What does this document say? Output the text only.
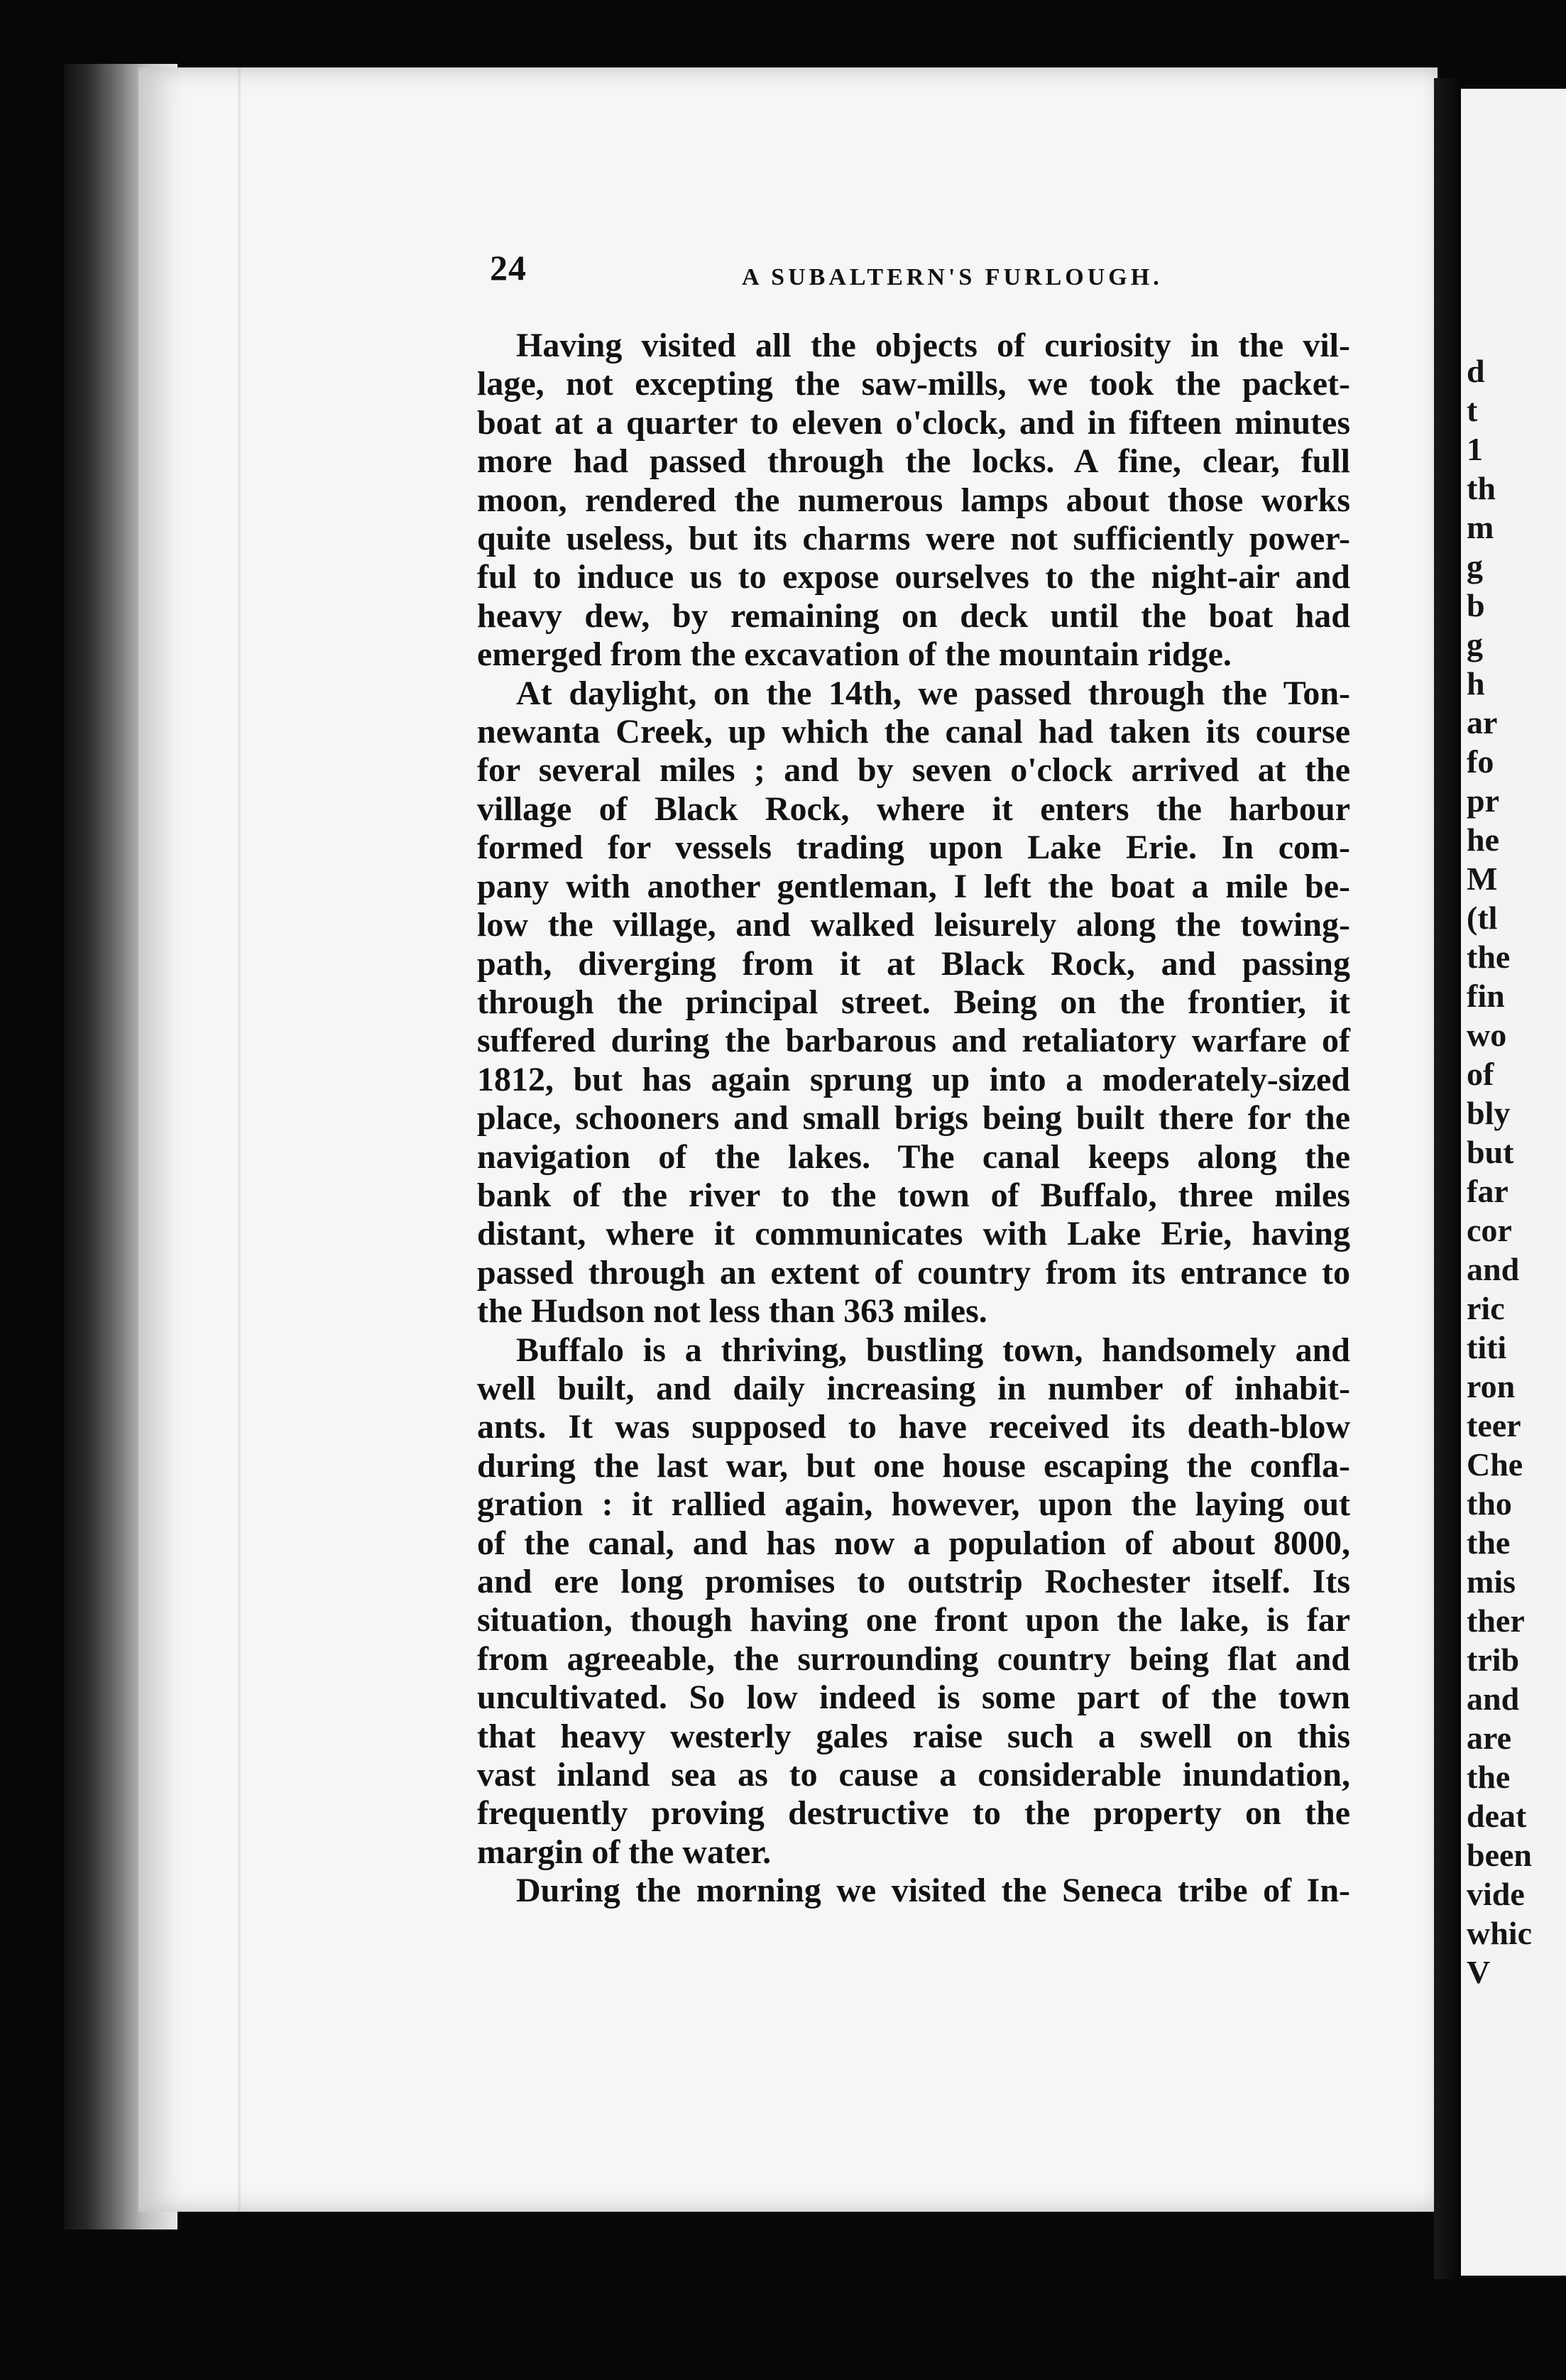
d
t
1
th
m
g
b
g
h
ar
fo
pr
he
M
(tl
the
fin
wo
of
bly
but
far
cor
and
ric
titi
ron
teer
Che
tho
the
mis
ther
trib
and
are
the
deat
been
vide
whic
V
24	A SUBALTERN'S FURLOUGH.
Having visited all the objects of curiosity in the vil-
lage, not excepting the saw-mills, we took the packet-
boat at a quarter to eleven o'clock, and in fifteen minutes
more had passed through the locks. A fine, clear, full
moon, rendered the numerous lamps about those works
quite useless, but its charms were not sufficiently power-
ful to induce us to expose ourselves to the night-air and
heavy dew, by remaining on deck until the boat had
emerged from the excavation of the mountain ridge.
At daylight, on the 14th, we passed through the Ton-
newanta Creek, up which the canal had taken its course
for several miles ; and by seven o'clock arrived at the
village of Black Rock, where it enters the harbour
formed for vessels trading upon Lake Erie. In com-
pany with another gentleman, I left the boat a mile be-
low the village, and walked leisurely along the towing-
path, diverging from it at Black Rock, and passing
through the principal street. Being on the frontier, it
suffered during the barbarous and retaliatory warfare of
1812, but has again sprung up into a moderately-sized
place, schooners and small brigs being built there for the
navigation of the lakes. The canal keeps along the
bank of the river to the town of Buffalo, three miles
distant, where it communicates with Lake Erie, having
passed through an extent of country from its entrance to
the Hudson not less than 363 miles.
Buffalo is a thriving, bustling town, handsomely and
well built, and daily increasing in number of inhabit-
ants. It was supposed to have received its death-blow
during the last war, but one house escaping the confla-
gration : it rallied again, however, upon the laying out
of the canal, and has now a population of about 8000,
and ere long promises to outstrip Rochester itself. Its
situation, though having one front upon the lake, is far
from agreeable, the surrounding country being flat and
uncultivated. So low indeed is some part of the town
that heavy westerly gales raise such a swell on this
vast inland sea as to cause a considerable inundation,
frequently proving destructive to the property on the
margin of the water.
During the morning we visited the Seneca tribe of In-
